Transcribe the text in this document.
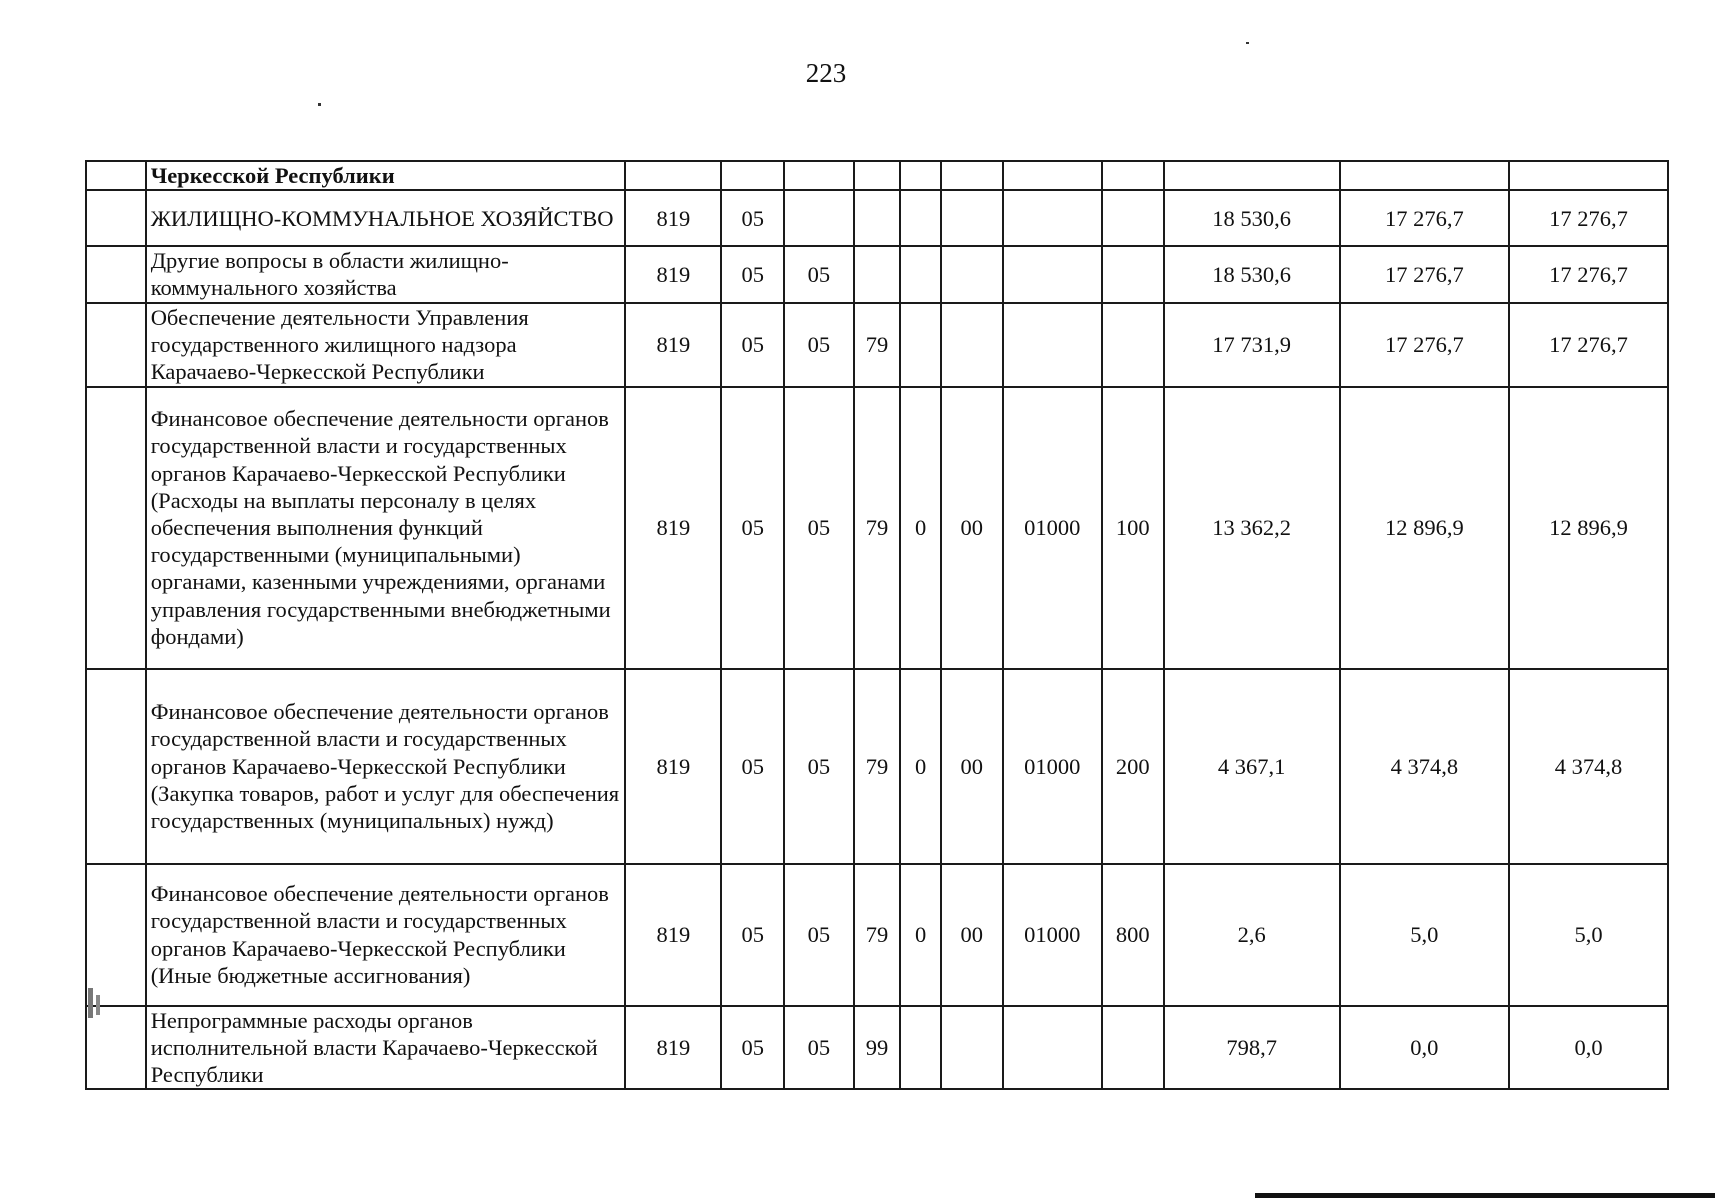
223
	Черкесской Республики											
	ЖИЛИЩНО-КОММУНАЛЬНОЕ ХОЗЯЙСТВО	819	05							18 530,6	17 276,7	17 276,7
	Другие вопросы в области жилищно-коммунального хозяйства	819	05	05						18 530,6	17 276,7	17 276,7
	Обеспечение деятельности Управления государственного жилищного надзора Карачаево-Черкесской Республики	819	05	05	79					17 731,9	17 276,7	17 276,7
	Финансовое обеспечение деятельности органов государственной власти и государственных органов Карачаево-Черкесской Республики (Расходы на выплаты персоналу в целях обеспечения выполнения функций государственными (муниципальными) органами, казенными учреждениями, органами управления государственными внебюджетными фондами)	819	05	05	79	0	00	01000	100	13 362,2	12 896,9	12 896,9
	Финансовое обеспечение деятельности органов государственной власти и государственных органов Карачаево-Черкесской Республики (Закупка товаров, работ и услуг для обеспечения государственных (муниципальных) нужд)	819	05	05	79	0	00	01000	200	4 367,1	4 374,8	4 374,8
	Финансовое обеспечение деятельности органов государственной власти и государственных органов Карачаево-Черкесской Республики (Иные бюджетные ассигнования)	819	05	05	79	0	00	01000	800	2,6	5,0	5,0
	Непрограммные расходы органов исполнительной власти Карачаево-Черкесской Республики	819	05	05	99					798,7	0,0	0,0
